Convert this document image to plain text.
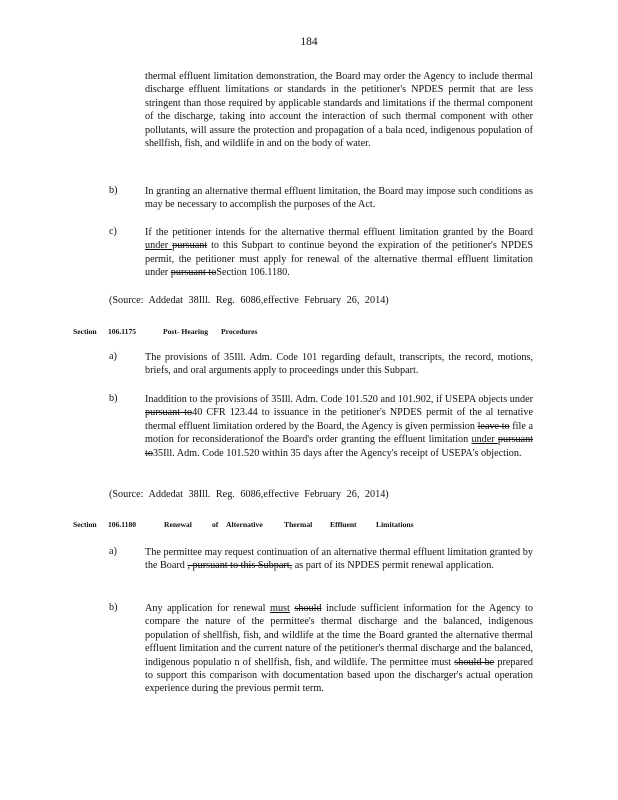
184

thermal effluent limitation demonstration, the Board may order the Agency to include thermal discharge effluent limitations or standards in the petitioner's NPDES permit that are less stringent than those required by applicable standards and limitations if the thermal component of the discharge, taking into account the interaction of such thermal component with other pollutants, will assure the protection and propagation of a bala nced, indigenous population of shellfish, fish, and wildlife in and on the body of water.

b)	In granting an alternative thermal effluent limitation, the Board may impose such conditions as may be necessary to accomplish the purposes of the Act.

c)	If the petitioner intends for the alternative thermal effluent limitation granted by the Board under pursuant to this Subpart to continue beyond the expiration of the petitioner's NPDES permit, the petitioner must apply for renewal of the alternative thermal effluent limitation under pursuant toSection 106.1180.

(Source: Addedat 38Ill. Reg. 6086,effective February 26, 2014)
Section 106.1175	Post- Hearing Procedures
a)	The provisions of 35Ill. Adm. Code 101 regarding default, transcripts, the record, motions, briefs, and oral arguments apply to proceedings under this Subpart.

b)	Inaddition to the provisions of 35Ill. Adm. Code 101.520 and 101.902, if USEPA objects under pursuant to40 CFR 123.44 to issuance in the petitioner's NPDES permit of the al ternative thermal effluent limitation ordered by the Board, the Agency is given permission leave to file a motion for reconsiderationof the Board's order granting the effluent limitation under pursuant to35Ill. Adm. Code 101.520 within 35 days after the Agency's receipt of USEPA's objection.

(Source: Addedat 38Ill. Reg. 6086,effective February 26, 2014)
Section 106.1180	Renewal	of Alternative	Thermal Effluent	Limitations
a)	The permittee may request continuation of an alternative thermal effluent limitation granted by the Board , pursuant to this Subpart, as part of its NPDES permit renewal application.

b)	Any application for renewal must should include sufficient information for the Agency to compare the nature of the permittee's thermal discharge and the balanced, indigenous population of shellfish, fish, and wildlife at the time the Board granted the alternative thermal effluent limitation and the current nature of the petitioner's thermal discharge and the balanced, indigenous populatio n of shellfish, fish, and wildlife. The permittee must should be prepared to support this comparison with documentation based upon the discharger's actual operation experience during the previous permit term.
